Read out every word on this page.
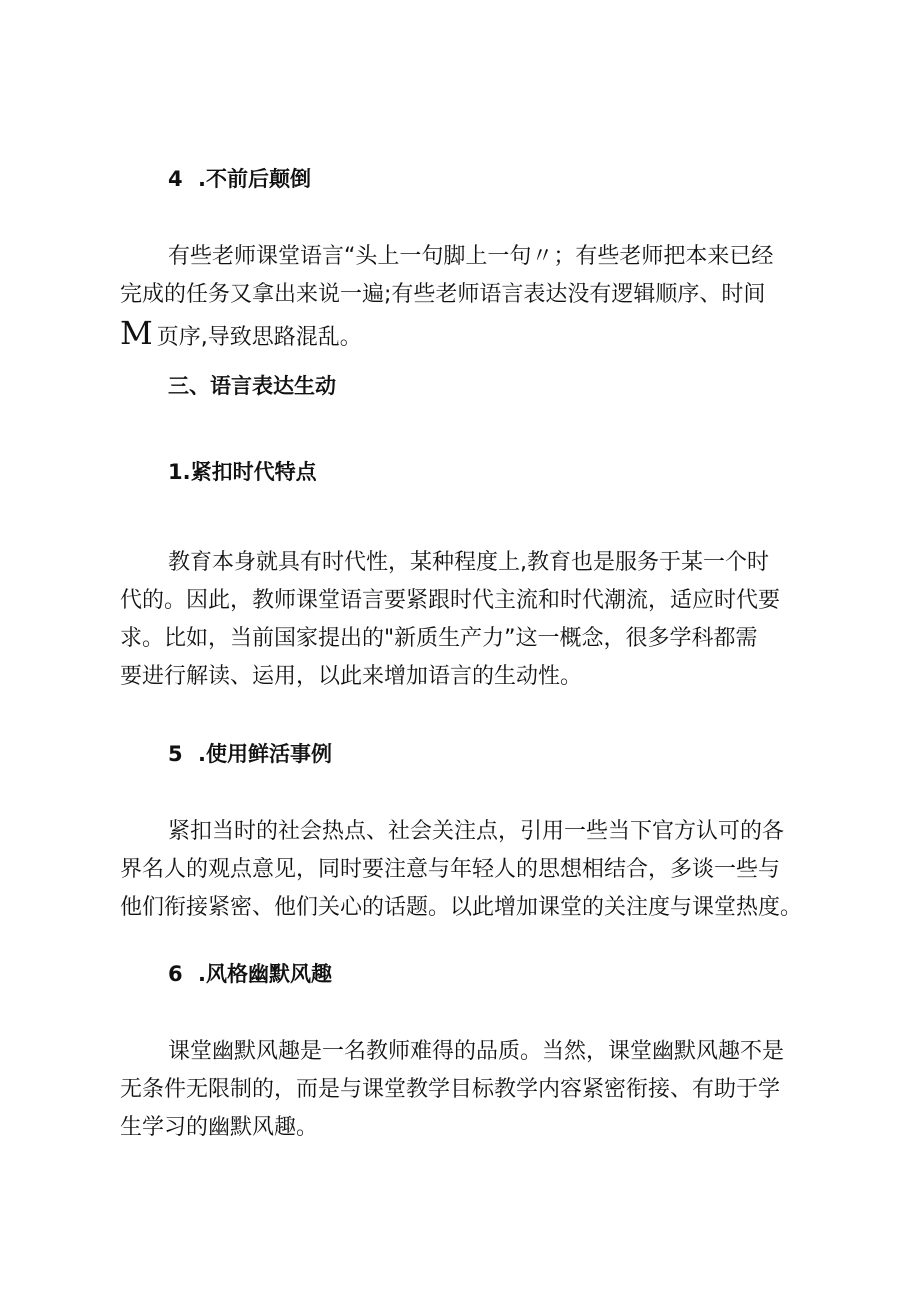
4 .不前后颠倒
有些老师课堂语言“头上一句脚上一句〃；有些老师把本来已经
完成的任务又拿出来说一遍;有些老师语言表达没有逻辑顺序、时间
M 页序,导致思路混乱。
三、语言表达生动
1.紧扣时代特点
教育本身就具有时代性，某种程度上,教育也是服务于某一个时
代的。因此，教师课堂语言要紧跟时代主流和时代潮流，适应时代要
求。比如，当前国家提出的"新质生产力”这一概念，很多学科都需
要进行解读、运用，以此来增加语言的生动性。
5 .使用鲜活事例
紧扣当时的社会热点、社会关注点，引用一些当下官方认可的各
界名人的观点意见，同时要注意与年轻人的思想相结合，多谈一些与
他们衔接紧密、他们关心的话题。以此增加课堂的关注度与课堂热度。
6 .风格幽默风趣
课堂幽默风趣是一名教师难得的品质。当然，课堂幽默风趣不是
无条件无限制的，而是与课堂教学目标教学内容紧密衔接、有助于学
生学习的幽默风趣。
